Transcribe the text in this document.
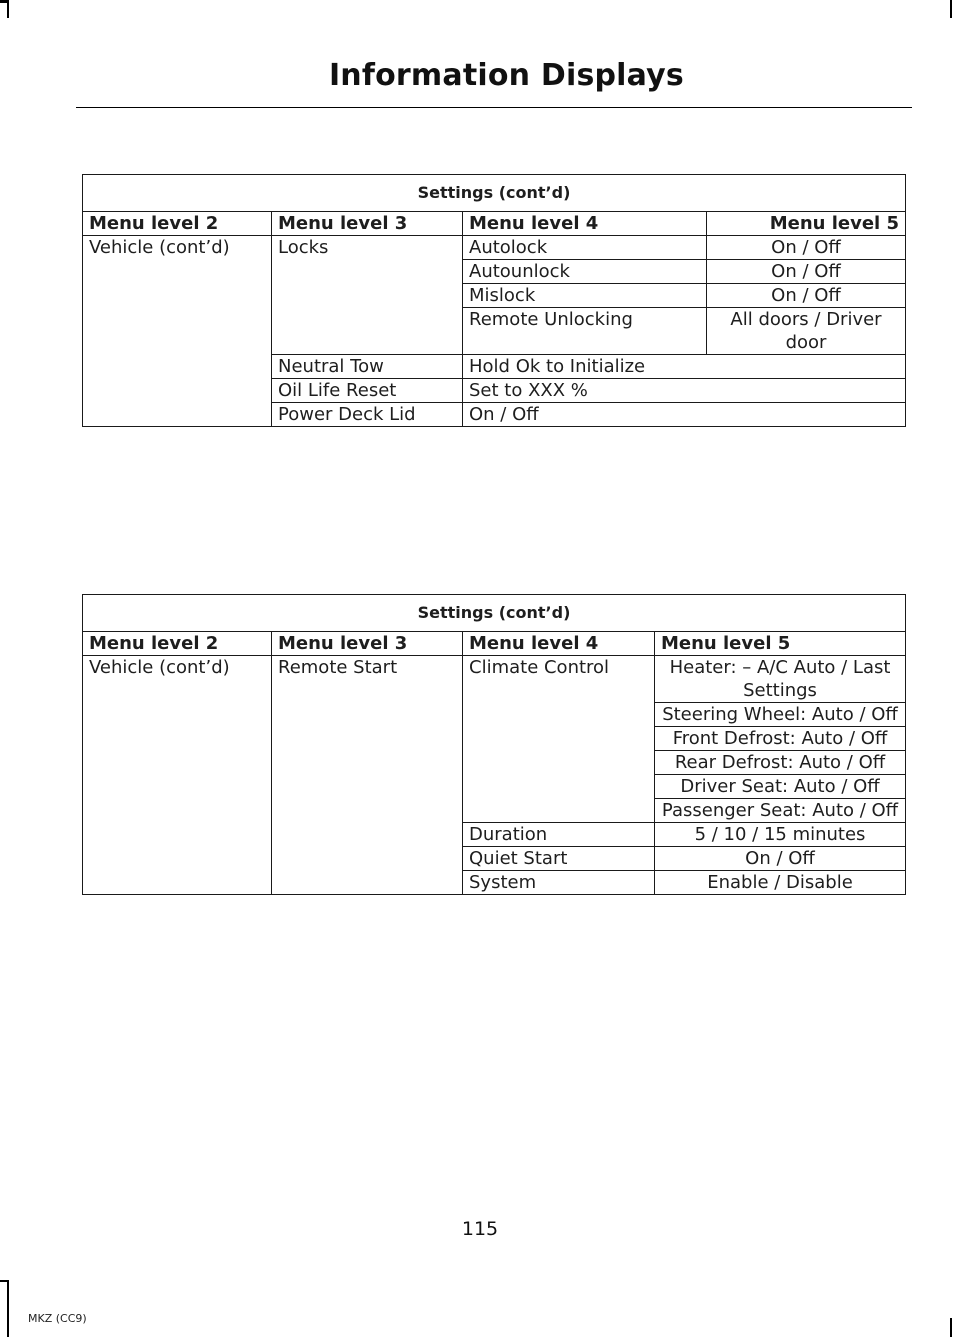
Information Displays
Settings (cont’d)			
Menu level 2	Menu level 3	Menu level 4	Menu level 5
Vehicle (cont’d)	Locks	Autolock	On / Off
		Autounlock	On / Off
		Mislock	On / Off
		Remote Unlocking	All doors / Driver door
	Neutral Tow	Hold Ok to Initialize	
	Oil Life Reset	Set to XXX %	
	Power Deck Lid	On / Off	
Settings (cont’d)			
Menu level 2	Menu level 3	Menu level 4	Menu level 5
Vehicle (cont’d)	Remote Start	Climate Control	Heater: – A/C Auto / Last Settings
			Steering Wheel: Auto / Off
			Front Defrost: Auto / Off
			Rear Defrost: Auto / Off
			Driver Seat: Auto / Off
			Passenger Seat: Auto / Off
		Duration	5 / 10 / 15 minutes
		Quiet Start	On / Off
		System	Enable / Disable
115
MKZ (CC9)
